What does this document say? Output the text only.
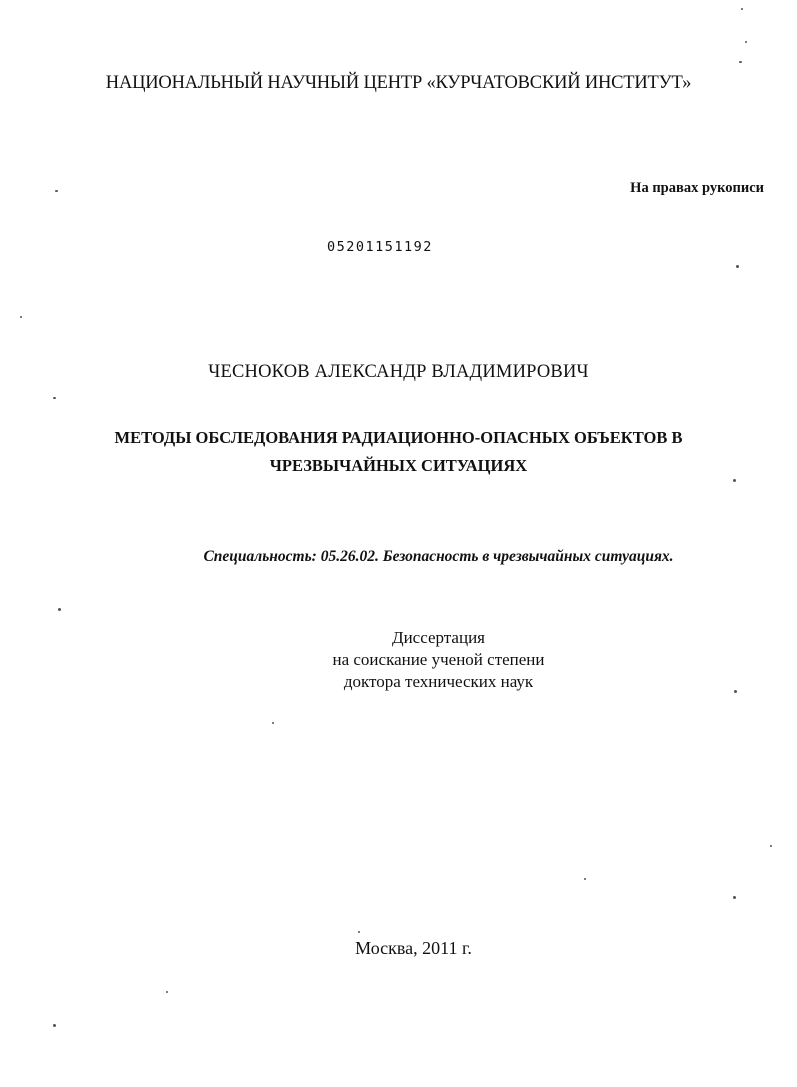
НАЦИОНАЛЬНЫЙ НАУЧНЫЙ ЦЕНТР «КУРЧАТОВСКИЙ ИНСТИТУТ»
На правах рукописи
05201151192
ЧЕСНОКОВ АЛЕКСАНДР ВЛАДИМИРОВИЧ
МЕТОДЫ ОБСЛЕДОВАНИЯ РАДИАЦИОННО-ОПАСНЫХ ОБЪЕКТОВ В
ЧРЕЗВЫЧАЙНЫХ СИТУАЦИЯХ
Специальность: 05.26.02. Безопасность в чрезвычайных ситуациях.
Диссертация
на соискание ученой степени
доктора технических наук
Москва, 2011 г.
